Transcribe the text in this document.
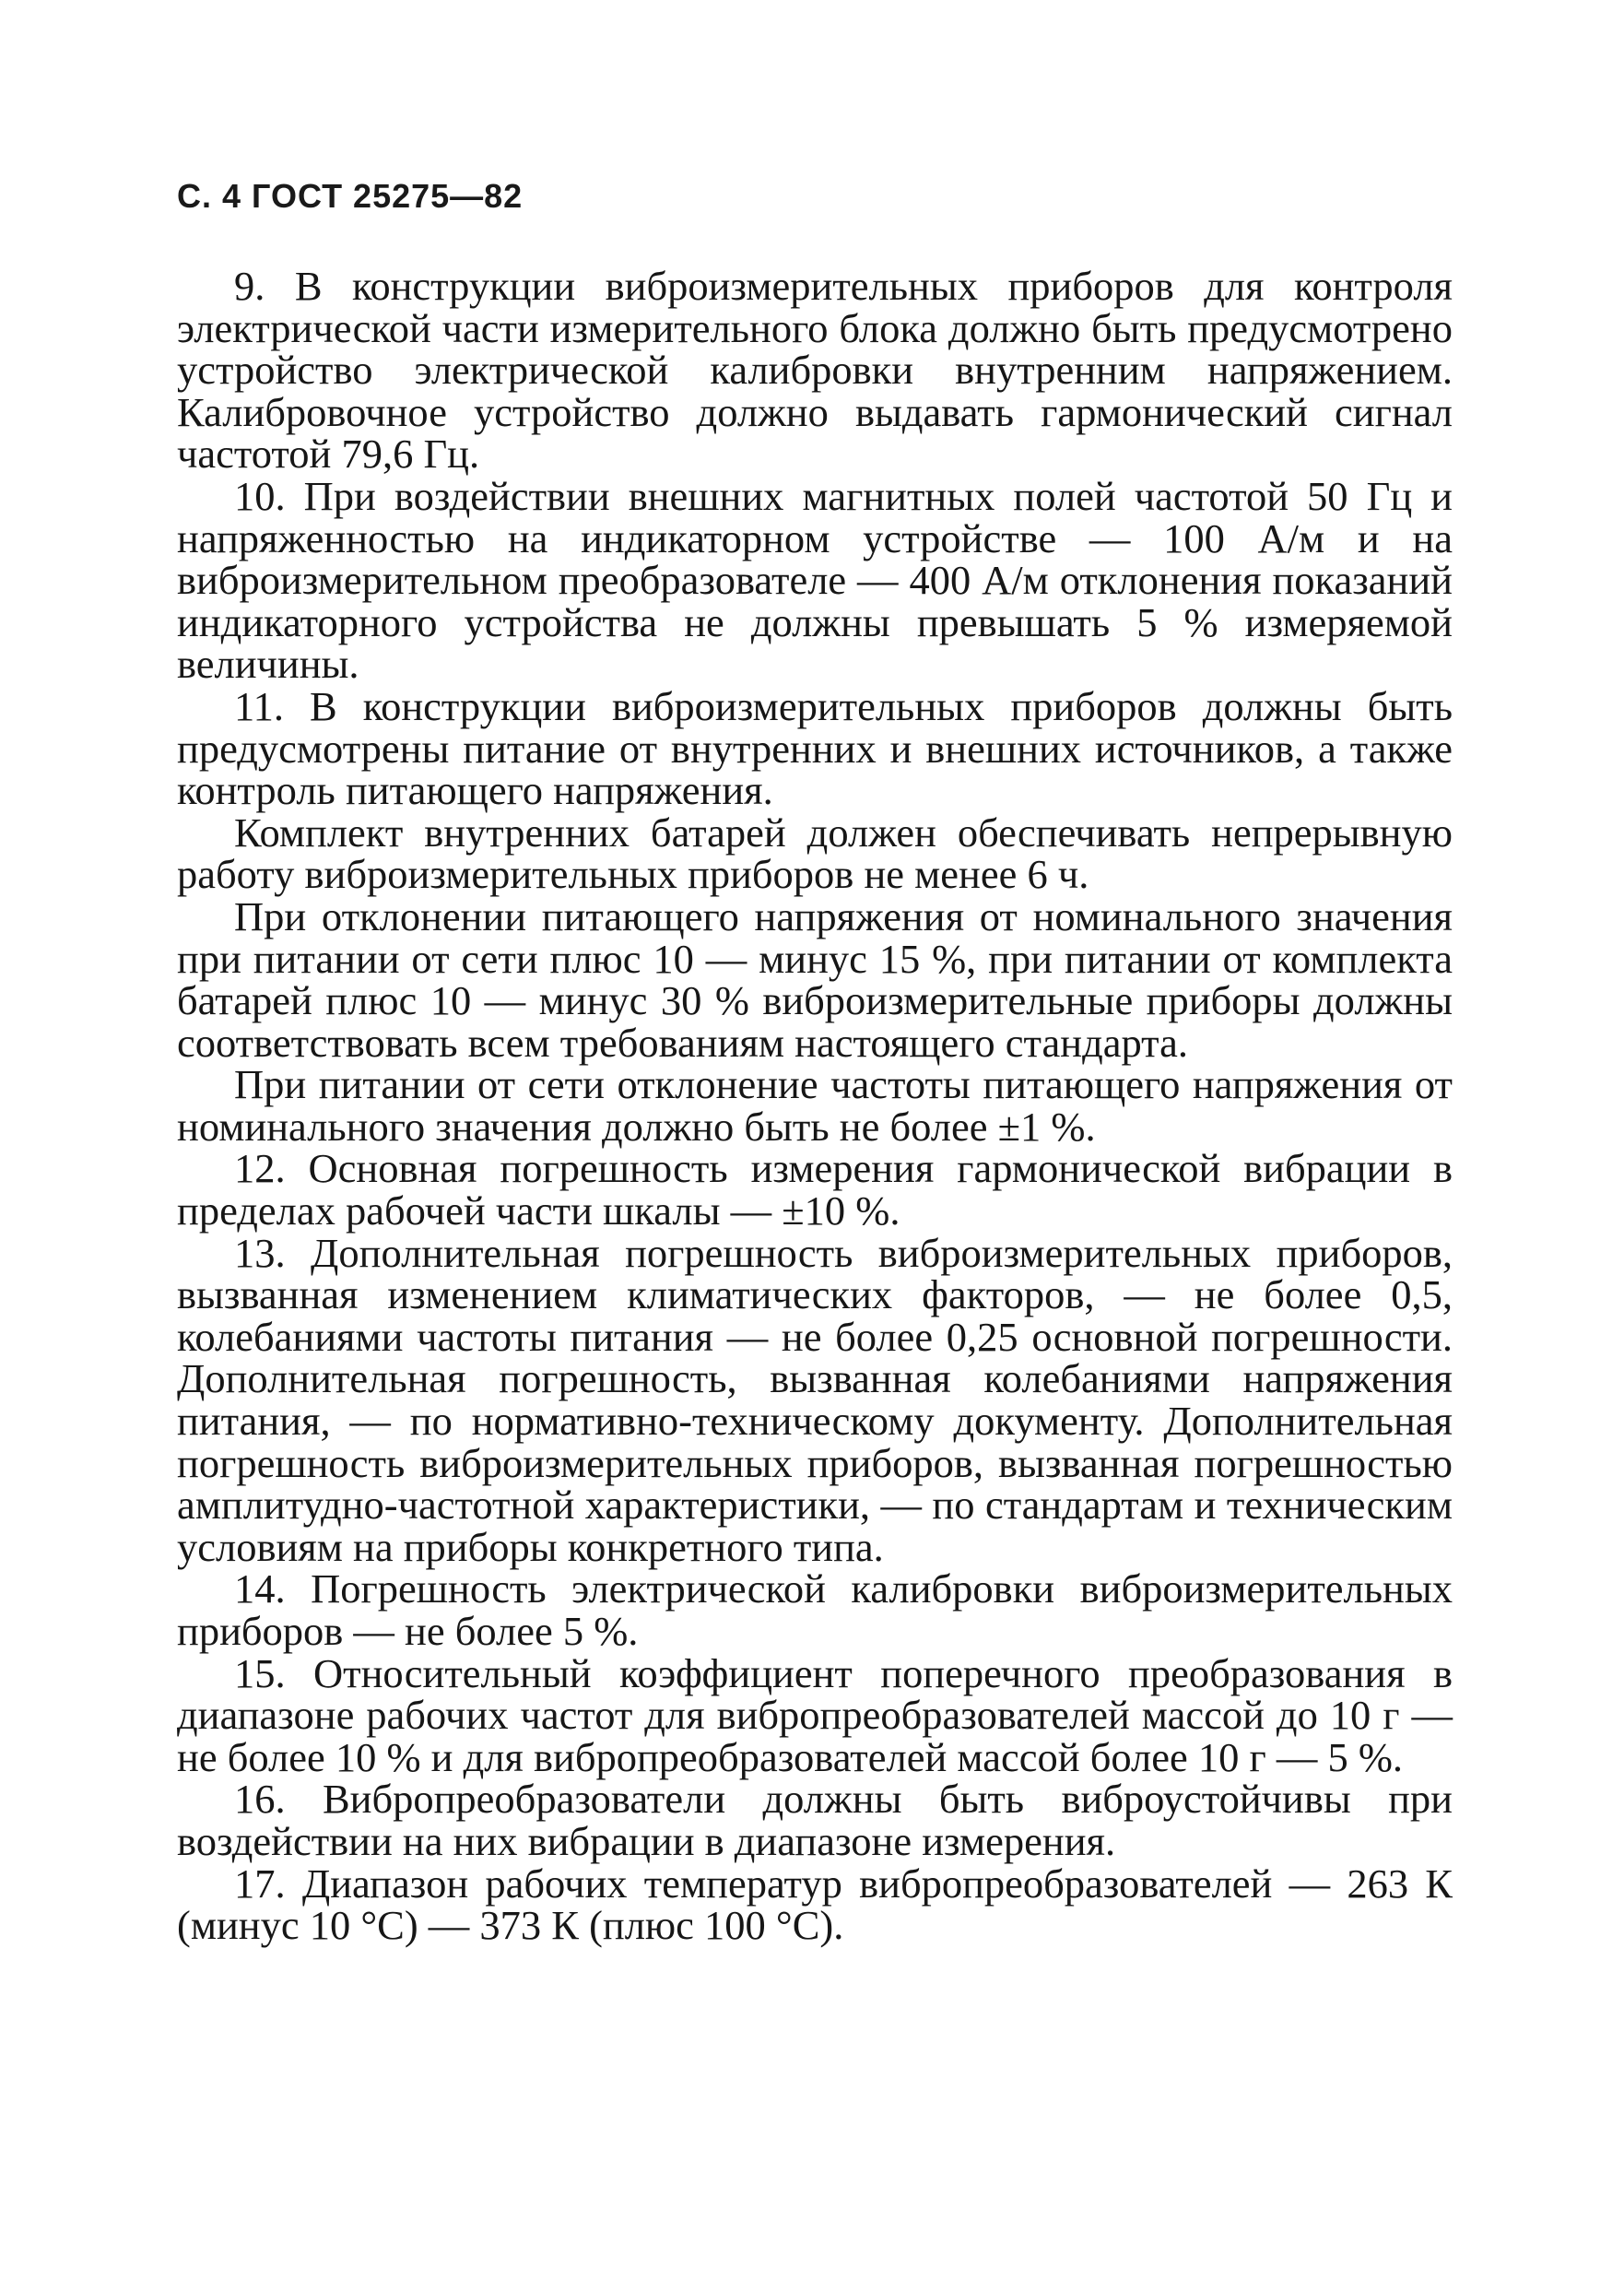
С. 4 ГОСТ 25275—82

9. В конструкции виброизмерительных приборов для контроля электрической части измерительного блока должно быть предусмотрено устройство электрической калибровки внутренним напряжением. Калибровочное устройство должно выдавать гармонический сигнал частотой 79,6 Гц.

10. При воздействии внешних магнитных полей частотой 50 Гц и напряженностью на индикаторном устройстве — 100 А/м и на виброизмерительном преобразователе — 400 А/м отклонения показаний индикаторного устройства не должны превышать 5 % измеряемой величины.

11. В конструкции виброизмерительных приборов должны быть предусмотрены питание от внутренних и внешних источников, а также контроль питающего напряжения.

Комплект внутренних батарей должен обеспечивать непрерывную работу виброизмерительных приборов не менее 6 ч.

При отклонении питающего напряжения от номинального значения при питании от сети плюс 10 — минус 15 %, при питании от комплекта батарей плюс 10 — минус 30 % виброизмерительные приборы должны соответствовать всем требованиям настоящего стандарта.

При питании от сети отклонение частоты питающего напряжения от номинального значения должно быть не более ±1 %.

12. Основная погрешность измерения гармонической вибрации в пределах рабочей части шкалы — ±10 %.

13. Дополнительная погрешность виброизмерительных приборов, вызванная изменением климатических факторов, — не более 0,5, колебаниями частоты питания — не более 0,25 основной погрешности. Дополнительная погрешность, вызванная колебаниями напряжения питания, — по нормативно-техническому документу. Дополнительная погрешность виброизмерительных приборов, вызванная погрешностью амплитудно-частотной характеристики, — по стандартам и техническим условиям на приборы конкретного типа.

14. Погрешность электрической калибровки виброизмерительных приборов — не более 5 %.

15. Относительный коэффициент поперечного преобразования в диапазоне рабочих частот для вибропреобразователей массой до 10 г — не более 10 % и для вибропреобразователей массой более 10 г — 5 %.

16. Вибропреобразователи должны быть виброустойчивы при воздействии на них вибрации в диапазоне измерения.

17. Диапазон рабочих температур вибропреобразователей — 263 К (минус 10 °С) — 373 К (плюс 100 °С).
